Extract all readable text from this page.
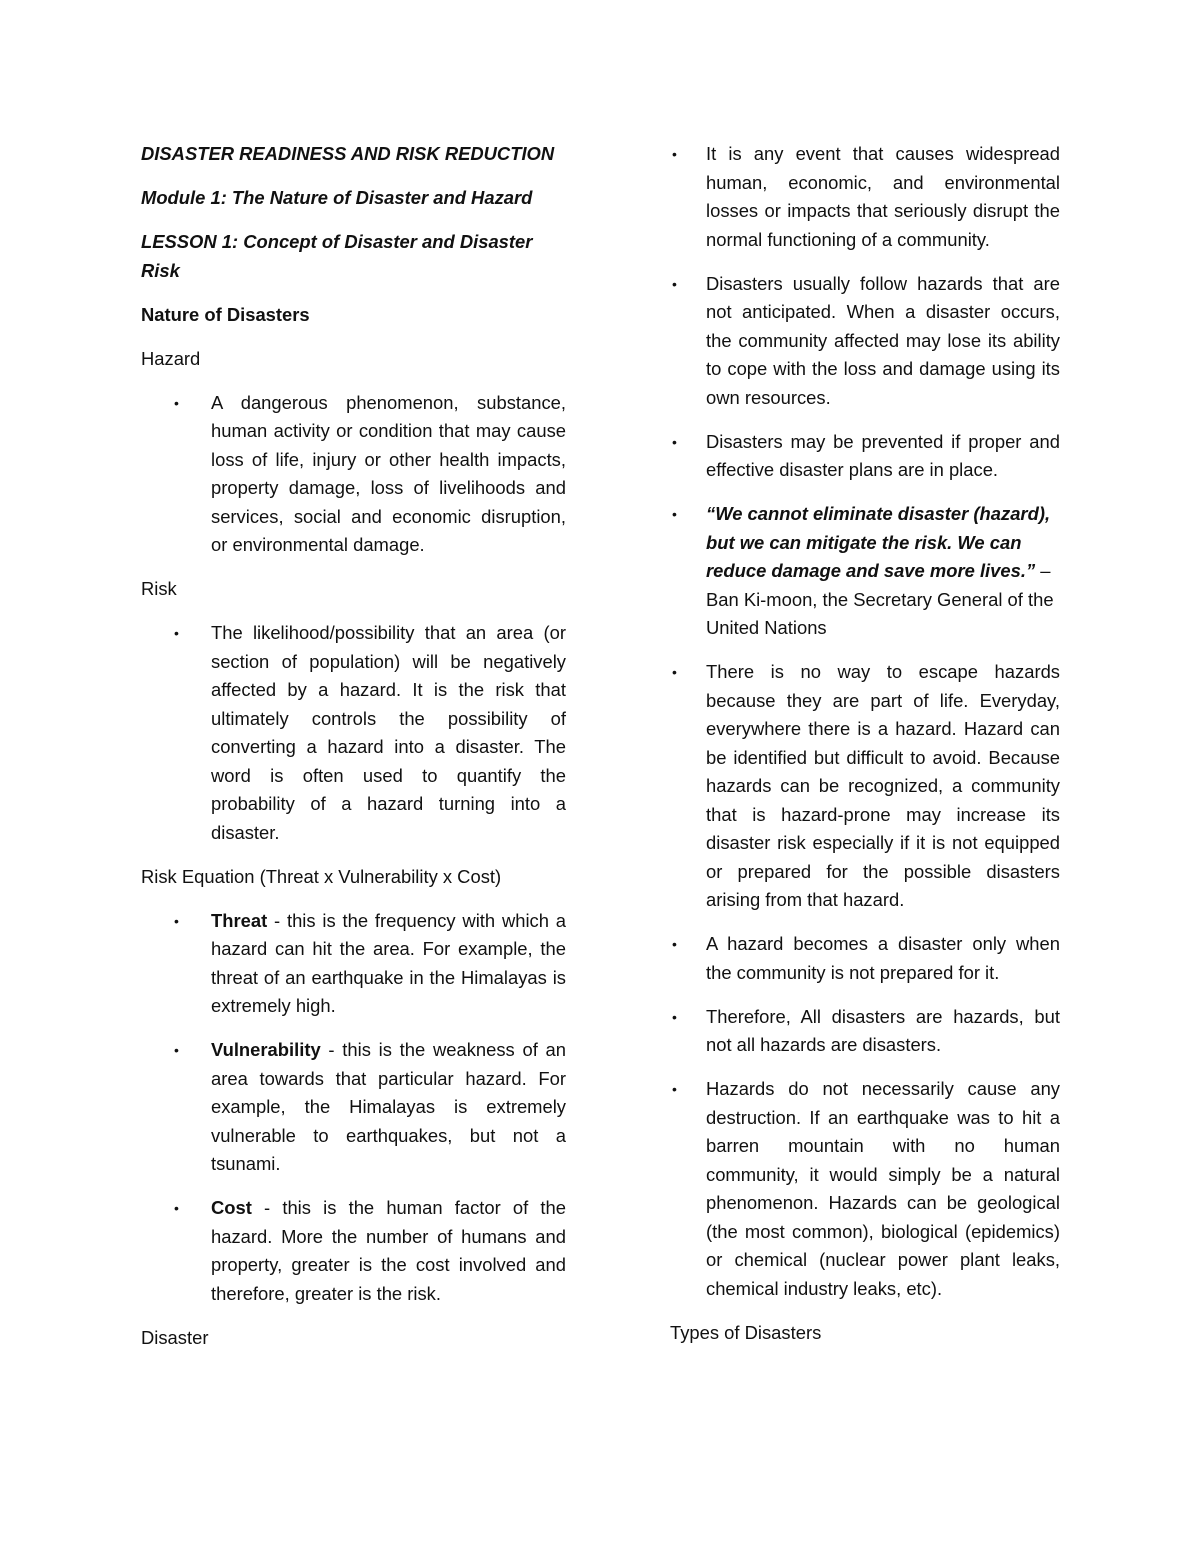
DISASTER READINESS AND RISK REDUCTION

Module 1: The Nature of Disaster and Hazard

LESSON 1: Concept of Disaster and Disaster Risk

Nature of Disasters

Hazard

• A dangerous phenomenon, substance, human activity or condition that may cause loss of life, injury or other health impacts, property damage, loss of livelihoods and services, social and economic disruption, or environmental damage.

Risk

• The likelihood/possibility that an area (or section of population) will be negatively affected by a hazard. It is the risk that ultimately controls the possibility of converting a hazard into a disaster. The word is often used to quantify the probability of a hazard turning into a disaster.

Risk Equation (Threat x Vulnerability x Cost)

• Threat - this is the frequency with which a hazard can hit the area. For example, the threat of an earthquake in the Himalayas is extremely high.
• Vulnerability - this is the weakness of an area towards that particular hazard. For example, the Himalayas is extremely vulnerable to earthquakes, but not a tsunami.
• Cost - this is the human factor of the hazard. More the number of humans and property, greater is the cost involved and therefore, greater is the risk.

Disaster

• It is any event that causes widespread human, economic, and environmental losses or impacts that seriously disrupt the normal functioning of a community.
• Disasters usually follow hazards that are not anticipated. When a disaster occurs, the community affected may lose its ability to cope with the loss and damage using its own resources.
• Disasters may be prevented if proper and effective disaster plans are in place.
• “We cannot eliminate disaster (hazard), but we can mitigate the risk. We can reduce damage and save more lives.” – Ban Ki-moon, the Secretary General of the United Nations
• There is no way to escape hazards because they are part of life. Everyday, everywhere there is a hazard. Hazard can be identified but difficult to avoid. Because hazards can be recognized, a community that is hazard-prone may increase its disaster risk especially if it is not equipped or prepared for the possible disasters arising from that hazard.
• A hazard becomes a disaster only when the community is not prepared for it.
• Therefore, All disasters are hazards, but not all hazards are disasters.
• Hazards do not necessarily cause any destruction. If an earthquake was to hit a barren mountain with no human community, it would simply be a natural phenomenon. Hazards can be geological (the most common), biological (epidemics) or chemical (nuclear power plant leaks, chemical industry leaks, etc).

Types of Disasters
